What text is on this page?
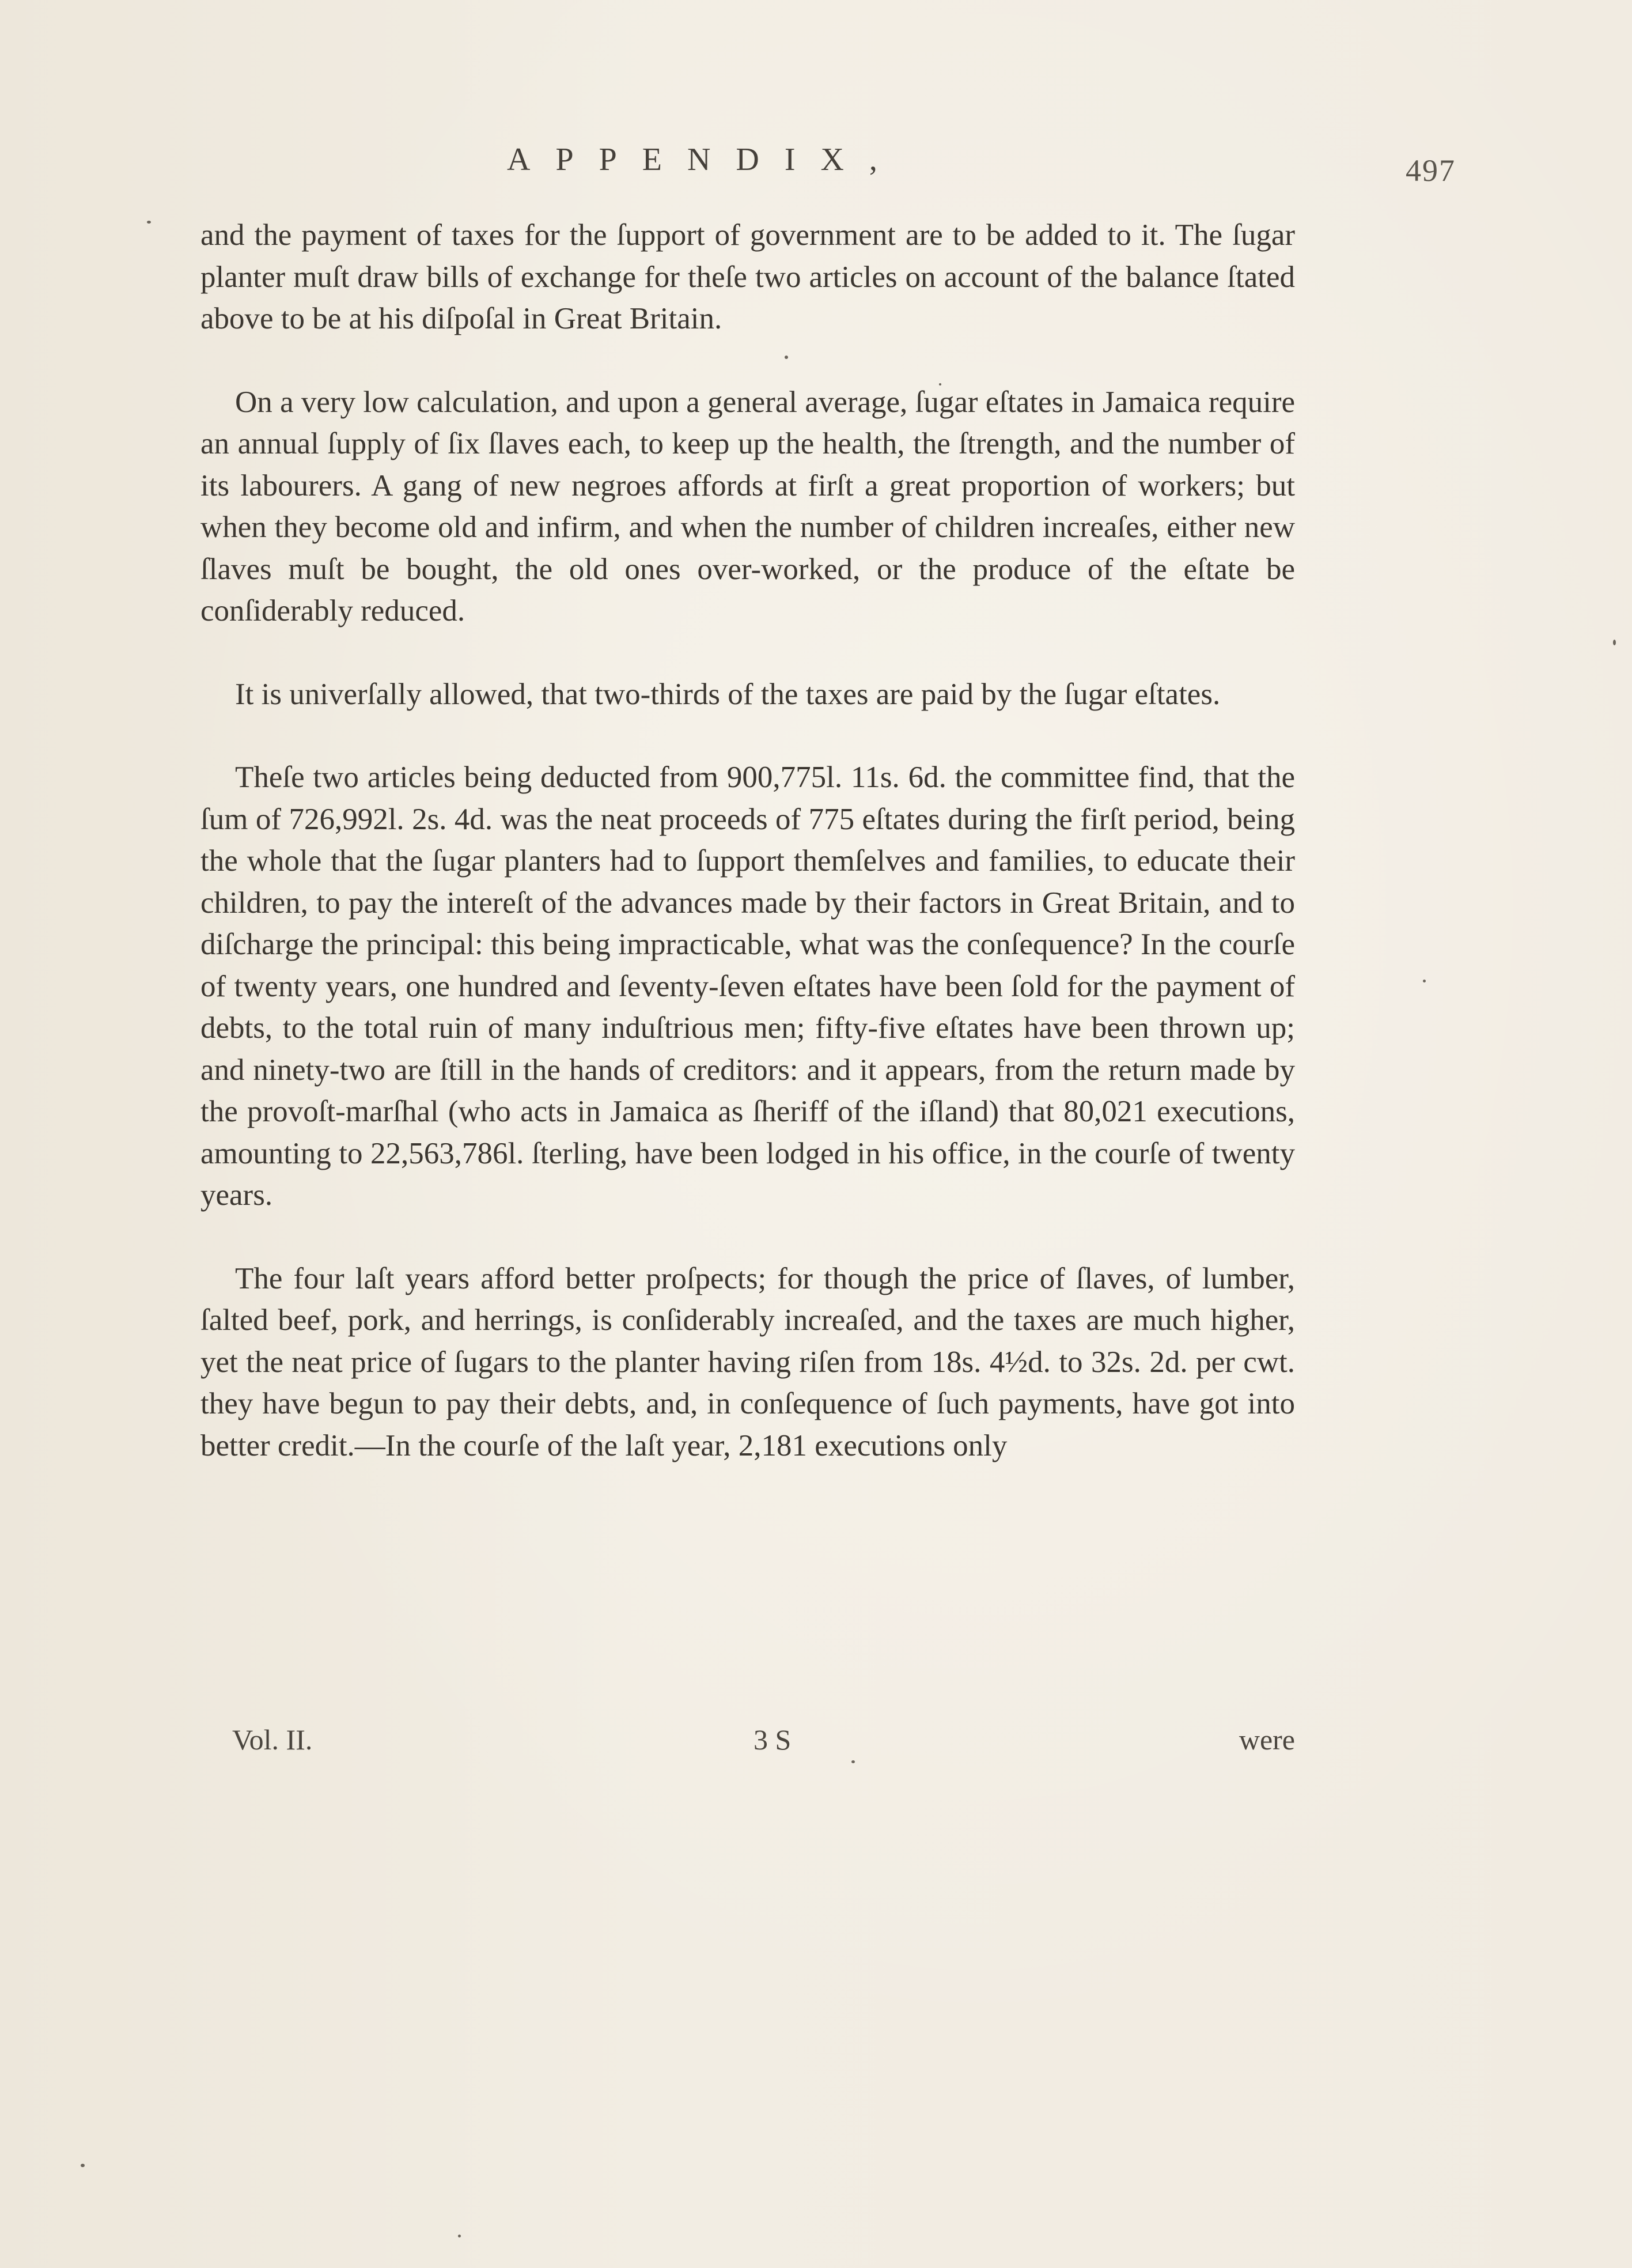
APPENDIX,	497

and the payment of taxes for the ſupport of government are to be added to it. The ſugar planter muſt draw bills of exchange for theſe two articles on account of the balance ſtated above to be at his diſpoſal in Great Britain.

On a very low calculation, and upon a general average, ſugar eſtates in Jamaica require an annual ſupply of ſix ſlaves each, to keep up the health, the ſtrength, and the number of its labourers. A gang of new negroes affords at firſt a great proportion of workers; but when they become old and infirm, and when the number of children increaſes, either new ſlaves muſt be bought, the old ones over-worked, or the produce of the eſtate be conſiderably reduced.

It is univerſally allowed, that two-thirds of the taxes are paid by the ſugar eſtates.

Theſe two articles being deducted from 900,775l. 11s. 6d. the committee find, that the ſum of 726,992l. 2s. 4d. was the neat proceeds of 775 eſtates during the firſt period, being the whole that the ſugar planters had to ſupport themſelves and families, to educate their children, to pay the intereſt of the advances made by their factors in Great Britain, and to diſcharge the principal: this being impracticable, what was the conſequence? In the courſe of twenty years, one hundred and ſeventy-ſeven eſtates have been ſold for the payment of debts, to the total ruin of many induſtrious men; fifty-five eſtates have been thrown up; and ninety-two are ſtill in the hands of creditors: and it appears, from the return made by the provoſt-marſhal (who acts in Jamaica as ſheriff of the iſland) that 80,021 executions, amounting to 22,563,786l. ſterling, have been lodged in his office, in the courſe of twenty years.

The four laſt years afford better proſpects; for though the price of ſlaves, of lumber, ſalted beef, pork, and herrings, is conſiderably increaſed, and the taxes are much higher, yet the neat price of ſugars to the planter having riſen from 18s. 4½d. to 32s. 2d. per cwt. they have begun to pay their debts, and, in conſequence of ſuch payments, have got into better credit.—In the courſe of the laſt year, 2,181 executions only

Vol. II.	3 S	were
